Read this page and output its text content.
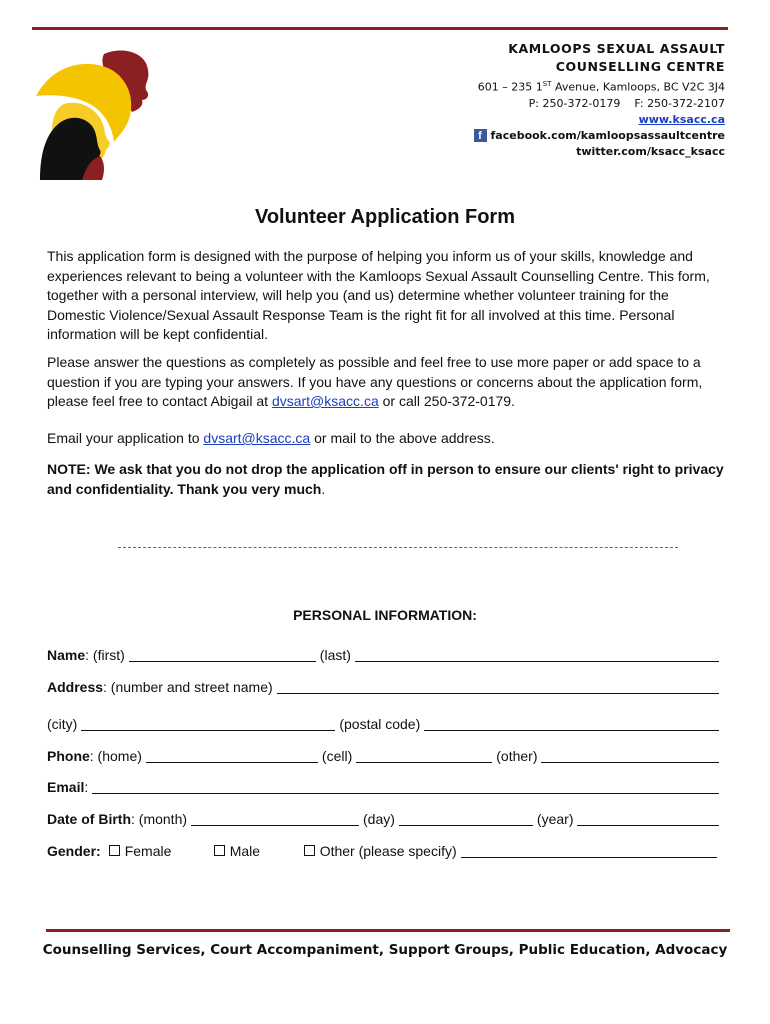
KAMLOOPS SEXUAL ASSAULT
COUNSELLING CENTRE
601 – 235 1ST Avenue, Kamloops, BC V2C 3J4
P: 250-372-0179    F: 250-372-2107
www.ksacc.ca
f facebook.com/kamloopsassaultcentre
twitter.com/ksacc_ksacc
Volunteer Application Form
This application form is designed with the purpose of helping you inform us of your skills, knowledge and experiences relevant to being a volunteer with the Kamloops Sexual Assault Counselling Centre. This form, together with a personal interview, will help you (and us) determine whether volunteer training for the Domestic Violence/Sexual Assault Response Team is the right fit for all involved at this time. Personal information will be kept confidential.
Please answer the questions as completely as possible and feel free to use more paper or add space to a question if you are typing your answers. If you have any questions or concerns about the application form, please feel free to contact Abigail at dvsart@ksacc.ca or call 250-372-0179.
Email your application to dvsart@ksacc.ca or mail to the above address.
NOTE: We ask that you do not drop the application off in person to ensure our clients' right to privacy and confidentiality. Thank you very much.
PERSONAL INFORMATION:
Name: (first)	(last)
Address: (number and street name)
(city)	(postal code)
Phone: (home)	(cell)	(other)
Email:
Date of Birth: (month)	(day)	(year)
Gender: Female	Male	Other (please specify)
Counselling Services, Court Accompaniment, Support Groups, Public Education, Advocacy
